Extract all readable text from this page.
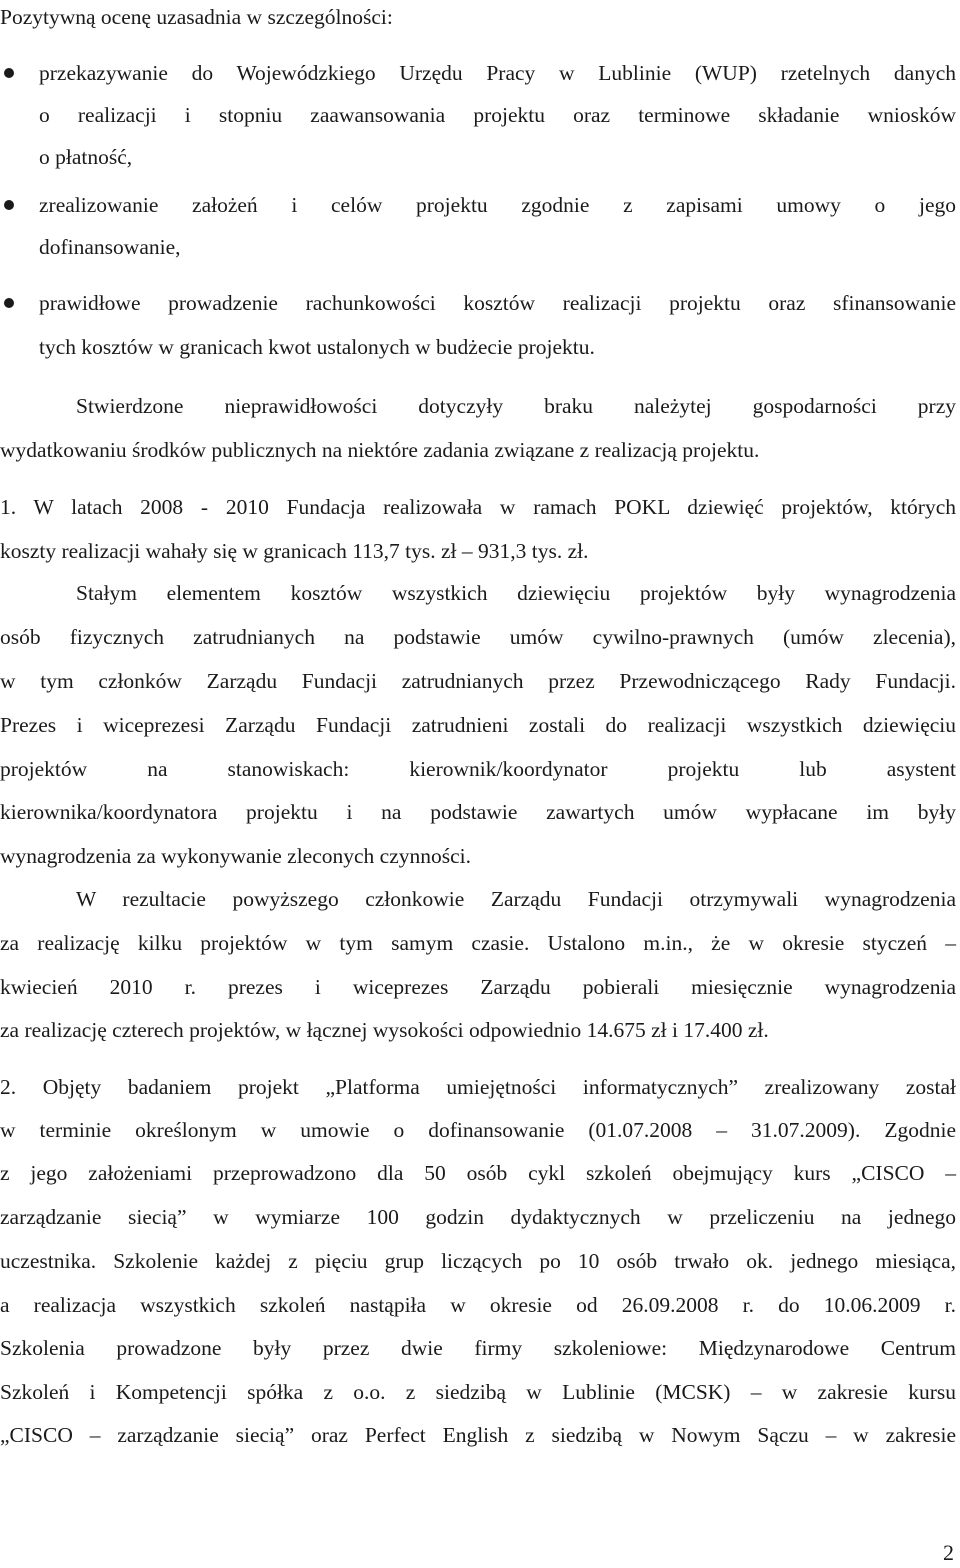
Pozytywną ocenę uzasadnia w szczególności:
przekazywanie do Wojewódzkiego Urzędu Pracy w Lublinie (WUP) rzetelnych danych
o realizacji i stopniu zaawansowania projektu oraz terminowe składanie wniosków
o płatność,
zrealizowanie założeń i celów projektu zgodnie z zapisami umowy o jego
dofinansowanie,
prawidłowe prowadzenie rachunkowości kosztów realizacji projektu oraz sfinansowanie
tych kosztów w granicach kwot ustalonych w budżecie projektu.
Stwierdzone nieprawidłowości dotyczyły braku należytej gospodarności przy
wydatkowaniu środków publicznych na niektóre zadania związane z realizacją projektu.
1. W latach 2008 - 2010 Fundacja realizowała w ramach POKL dziewięć projektów, których
koszty realizacji wahały się w granicach 113,7 tys. zł – 931,3 tys. zł.
Stałym elementem kosztów wszystkich dziewięciu projektów były wynagrodzenia
osób fizycznych zatrudnianych na podstawie umów cywilno-prawnych (umów zlecenia),
w tym członków Zarządu Fundacji zatrudnianych przez Przewodniczącego Rady Fundacji.
Prezes i wiceprezesi Zarządu Fundacji zatrudnieni zostali do realizacji wszystkich dziewięciu
projektów na stanowiskach: kierownik/koordynator projektu lub asystent
kierownika/koordynatora projektu i na podstawie zawartych umów wypłacane im były
wynagrodzenia za wykonywanie zleconych czynności.
W rezultacie powyższego członkowie Zarządu Fundacji otrzymywali wynagrodzenia
za realizację kilku projektów w tym samym czasie. Ustalono m.in., że w okresie styczeń –
kwiecień 2010 r. prezes i wiceprezes Zarządu pobierali miesięcznie wynagrodzenia
za realizację czterech projektów, w łącznej wysokości odpowiednio 14.675 zł i 17.400 zł.
2. Objęty badaniem projekt „Platforma umiejętności informatycznych” zrealizowany został
w terminie określonym w umowie o dofinansowanie (01.07.2008 – 31.07.2009). Zgodnie
z jego założeniami przeprowadzono dla 50 osób cykl szkoleń obejmujący kurs „CISCO –
zarządzanie siecią” w wymiarze 100 godzin dydaktycznych w przeliczeniu na jednego
uczestnika. Szkolenie każdej z pięciu grup liczących po 10 osób trwało ok. jednego miesiąca,
a realizacja wszystkich szkoleń nastąpiła w okresie od 26.09.2008 r. do 10.06.2009 r.
Szkolenia prowadzone były przez dwie firmy szkoleniowe: Międzynarodowe Centrum
Szkoleń i Kompetencji spółka z o.o. z siedzibą w Lublinie (MCSK) – w zakresie kursu
„CISCO – zarządzanie siecią” oraz Perfect English z siedzibą w Nowym Sączu – w zakresie
2
